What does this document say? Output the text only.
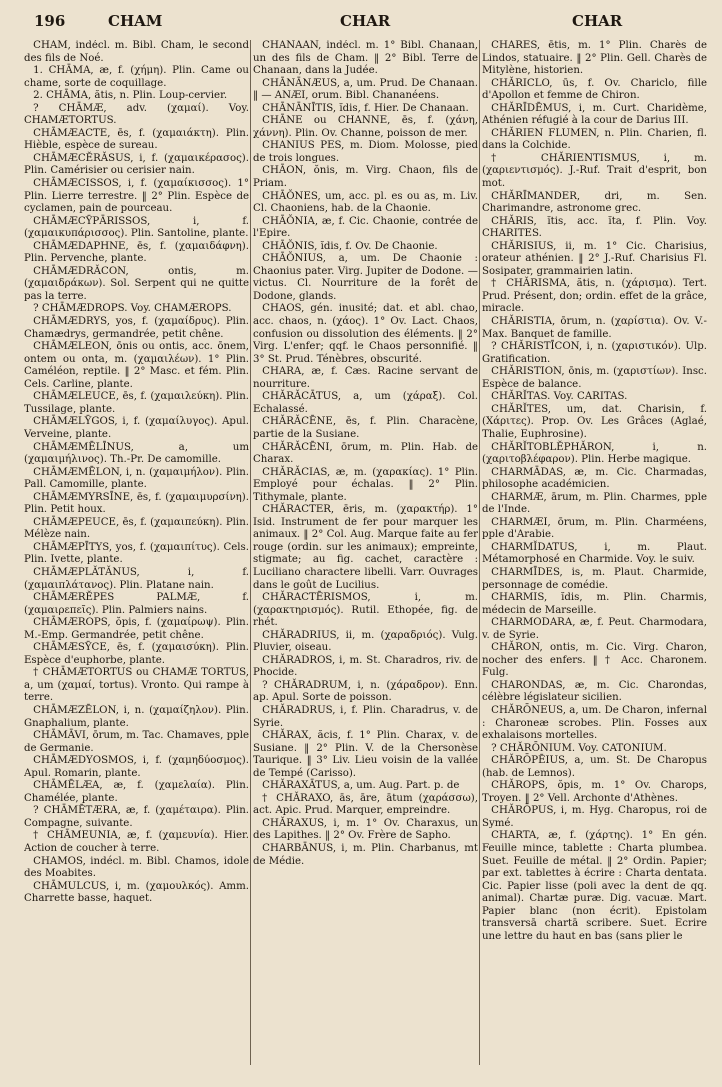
196	CHAM	CHAR	CHAR

CHAM, indécl. m. Bibl. Cham, le second des fils de Noé.

1. CHĀMA, æ, f. (χήμη). Plin. Came ou chame, sorte de coquillage.

2. CHĀMA, ătis, n. Plin. Loup-cervier.

? CHĀMÆ, adv. (χαμαί). Voy. CHAMÆTORTUS.

CHĀMÆACTE, ēs, f. (χαμαιάκτη). Plin. Hièble, espèce de sureau.

CHĀMÆCĔRĂSUS, i, f. (χαμαικέρασος). Plin. Camérisier ou cerisier nain.

CHĀMÆCISSOS, i, f. (χαμαίκισσος). 1° Plin. Lierre terrestre. ‖ 2° Plin. Espèce de cyclamen, pain de pourceau.

CHĀMÆCȲPĀRISSOS, i, f. (χαμαικυπάρισσος). Plin. Santoline, plante.

CHĀMÆDAPHNE, ēs, f. (χαμαιδάφνη). Plin. Pervenche, plante.

CHĀMÆDRĂCON, ontis, m. (χαμαιδράκων). Sol. Serpent qui ne quitte pas la terre.

? CHĀMÆDROPS. Voy. CHAMÆROPS.

CHĀMÆDRYS, yos, f. (χαμαίδρυς). Plin. Chamædrys, germandrée, petit chêne.

CHĀMÆLEON, ōnis ou ontis, acc. ōnem, ontem ou onta, m. (χαμαιλέων). 1° Plin. Caméléon, reptile. ‖ 2° Masc. et fém. Plin. Cels. Carline, plante.

CHĀMÆLEUCE, ēs, f. (χαμαιλεύκη). Plin. Tussilage, plante.

CHĀMÆLȲGOS, i, f. (χαμαίλυγος). Apul. Verveine, plante.

CHĀMÆMĒLĪNUS, a, um (χαμαιμήλινος). Th.-Pr. De camomille.

CHĀMÆMĒLON, i, n. (χαμαιμήλον). Plin. Pall. Camomille, plante.

CHĀMÆMYRSĪNE, ēs, f. (χαμαιμυρσίνη). Plin. Petit houx.

CHĀMÆPEUCE, ēs, f. (χαμαιπεύκη). Plin. Mélèze nain.

CHĀMÆPĪTYS, yos, f. (χαμαιπίτυς). Cels. Plin. Ivette, plante.

CHĀMÆPLĂTĂNUS, i, f. (χαμαιπλάτανος). Plin. Platane nain.

CHĀMÆRĔPES PALMÆ, f. (χαμαιρεπεῖς). Plin. Palmiers nains.

CHĀMÆROPS, ŏpis, f. (χαμαίρωψ). Plin. M.-Emp. Germandrée, petit chêne.

CHĀMÆSȲCE, ēs, f. (χαμαισύκη). Plin. Espèce d'euphorbe, plante.

† CHĀMÆTORTUS ou CHAMÆ TORTUS, a, um (χαμαί, tortus). Vronto. Qui rampe à terre.

CHĀMÆZĒLON, i, n. (χαμαίζηλον). Plin. Gnaphalium, plante.

CHĀMĀVI, ōrum, m. Tac. Chamaves, pple de Germanie.

CHĀMÆDYOSMOS, i, f. (χαμηδύοσμος). Apul. Romarin, plante.

CHĀMĒLÆA, æ, f. (χαμελαία). Plin. Chamélée, plante.

? CHĀMĒTÆRA, æ, f. (χαμέταιρα). Plin. Compagne, suivante.

† CHĀMEUNIA, æ, f. (χαμευνία). Hier. Action de coucher à terre.

CHAMOS, indécl. m. Bibl. Chamos, idole des Moabites.

CHĀMULCUS, i, m. (χαμουλκός). Amm. Charrette basse, haquet.

CHĀNAAN, indécl. m. 1° Bibl. Chanaan, un des fils de Cham. ‖ 2° Bibl. Terre de Chanaan, dans la Judée.

CHĀNĀNÆUS, a, um. Prud. De Chanaan. ‖ — ANÆI, orum. Bibl. Chananéens.

CHĀNĀNĪTIS, ĭdis, f. Hier. De Chanaan.

CHĀNE ou CHANNE, ēs, f. (χάνη, χάννη). Plin. Ov. Channe, poisson de mer.

CHANIUS PES, m. Diom. Molosse, pied de trois longues.

CHĀON, ŏnis, m. Virg. Chaon, fils de Priam.

CHĀŎNES, um, acc. pl. es ou as, m. Liv. Cl. Chaoniens, hab. de la Chaonie.

CHĀŎNIA, æ, f. Cic. Chaonie, contrée de l'Epire.

CHĀŎNIS, ĭdis, f. Ov. De Chaonie.

CHĀŎNIUS, a, um. De Chaonie : Chaonius pater. Virg. Jupiter de Dodone. — victus. Cl. Nourriture de la forêt de Dodone, glands.

CHAOS, gén. inusité; dat. et abl. chao, acc. chaos, n. (χάος). 1° Ov. Lact. Chaos, confusion ou dissolution des éléments. ‖ 2° Virg. L'enfer; qqf. le Chaos personnifié. ‖ 3° St. Prud. Ténèbres, obscurité.

CHARA, æ, f. Cæs. Racine servant de nourriture.

CHĂRĂCĀTUS, a, um (χάραξ). Col. Echalassé.

CHĂRĂCĒNE, ēs, f. Plin. Characène, partie de la Susiane.

CHĂRĂCĒNI, ōrum, m. Plin. Hab. de Charax.

CHĂRĂCIAS, æ, m. (χαρακίας). 1° Plin. Employé pour échalas. ‖ 2° Plin. Tithymale, plante.

CHĂRACTER, ēris, m. (χαρακτήρ). 1° Isid. Instrument de fer pour marquer les animaux. ‖ 2° Col. Aug. Marque faite au fer rouge (ordin. sur les animaux); empreinte, stigmate; au fig. cachet, caractère : Luciliano charactere libelli. Varr. Ouvrages dans le goût de Lucilius.

CHĂRACTĒRISMOS, i, m. (χαρακτηρισμός). Rutil. Ethopée, fig. de rhét.

CHĂRADRIUS, ii, m. (χαραδριός). Vulg. Pluvier, oiseau.

CHĂRADROS, i, m. St. Charadros, riv. de Phocide.

? CHĂRADRUM, i, n. (χάραδρον). Enn. ap. Apul. Sorte de poisson.

CHĂRADRUS, i, f. Plin. Charadrus, v. de Syrie.

CHĂRAX, ăcis, f. 1° Plin. Charax, v. de Susiane. ‖ 2° Plin. V. de la Chersonèse Taurique. ‖ 3° Liv. Lieu voisin de la vallée de Tempé (Carisso).

CHĂRAXĀTUS, a, um. Aug. Part. p. de

† CHĂRAXO, ās, āre, ātum (χαράσσω), act. Apic. Prud. Marquer, empreindre.

CHĂRAXUS, i, m. 1° Ov. Charaxus, un des Lapithes. ‖ 2° Ov. Frère de Sapho.

CHARBĀNUS, i, m. Plin. Charbanus, mt de Médie.

CHĂRES, ētis, m. 1° Plin. Charès de Lindos, statuaire. ‖ 2° Plin. Gell. Charès de Mitylène, historien.

CHĂRICLO, ūs, f. Ov. Chariclo, fille d'Apollon et femme de Chiron.

CHĂRĪDĒMUS, i, m. Curt. Charidème, Athénien réfugié à la cour de Darius III.

CHĂRIEN FLUMEN, n. Plin. Charien, fl. dans la Colchide.

† CHĂRIENTISMUS, i, m. (χαριεντισμός). J.-Ruf. Trait d'esprit, bon mot.

CHĂRĪMANDER, dri, m. Sen. Charimandre, astronome grec.

CHĂRIS, ĭtis, acc. ĭta, f. Plin. Voy. CHARITES.

CHĂRISIUS, ii, m. 1° Cic. Charisius, orateur athénien. ‖ 2° J.-Ruf. Charisius Fl. Sosipater, grammairien latin.

† CHĂRISMA, ătis, n. (χάρισμα). Tert. Prud. Présent, don; ordin. effet de la grâce, miracle.

CHĂRISTIA, ōrum, n. (χαρίστια). Ov. V.-Max. Banquet de famille.

? CHĂRISTĪCON, i, n. (χαριστικόν). Ulp. Gratification.

CHĂRISTION, ōnis, m. (χαριστίων). Insc. Espèce de balance.

CHĂRĬTAS. Voy. CARITAS.

CHĂRĬTES, um, dat. Charisin, f. (Χάριτες). Prop. Ov. Les Grâces (Aglaé, Thalie, Euphrosine).

CHĂRĬTOBLĔPHĂRON, i, n. (χαριτοβλέφαρον). Plin. Herbe magique.

CHARMĀDAS, æ, m. Cic. Charmadas, philosophe académicien.

CHARMÆ, ārum, m. Plin. Charmes, pple de l'Inde.

CHARMÆI, ōrum, m. Plin. Charméens, pple d'Arabie.

CHARMĬDATUS, i, m. Plaut. Métamorphosé en Charmide. Voy. le suiv.

CHARMĪDES, is, m. Plaut. Charmide, personnage de comédie.

CHARMIS, ĭdis, m. Plin. Charmis, médecin de Marseille.

CHARMODARA, æ, f. Peut. Charmodara, v. de Syrie.

CHĂRON, ontis, m. Cic. Virg. Charon, nocher des enfers. ‖ † Acc. Charonem. Fulg.

CHARONDAS, æ, m. Cic. Charondas, célèbre législateur sicilien.

CHĂRŌNEUS, a, um. De Charon, infernal : Charoneæ scrobes. Plin. Fosses aux exhalaisons mortelles.

? CHĂRŌNIUM. Voy. CATONIUM.

CHĂRŌPĒIUS, a, um. St. De Charopus (hab. de Lemnos).

CHĂROPS, ŏpis, m. 1° Ov. Charops, Troyen. ‖ 2° Vell. Archonte d'Athènes.

CHĂRŌPUS, i, m. Hyg. Charopus, roi de Symé.

CHARTA, æ, f. (χάρτης). 1° En gén. Feuille mince, tablette : Charta plumbea. Suet. Feuille de métal. ‖ 2° Ordin. Papier; par ext. tablettes à écrire : Charta dentata. Cic. Papier lisse (poli avec la dent de qq. animal). Chartæ puræ. Dig. vacuæ. Mart. Papier blanc (non écrit). Epistolam transversā chartā scribere. Suet. Ecrire une lettre du haut en bas (sans plier le
